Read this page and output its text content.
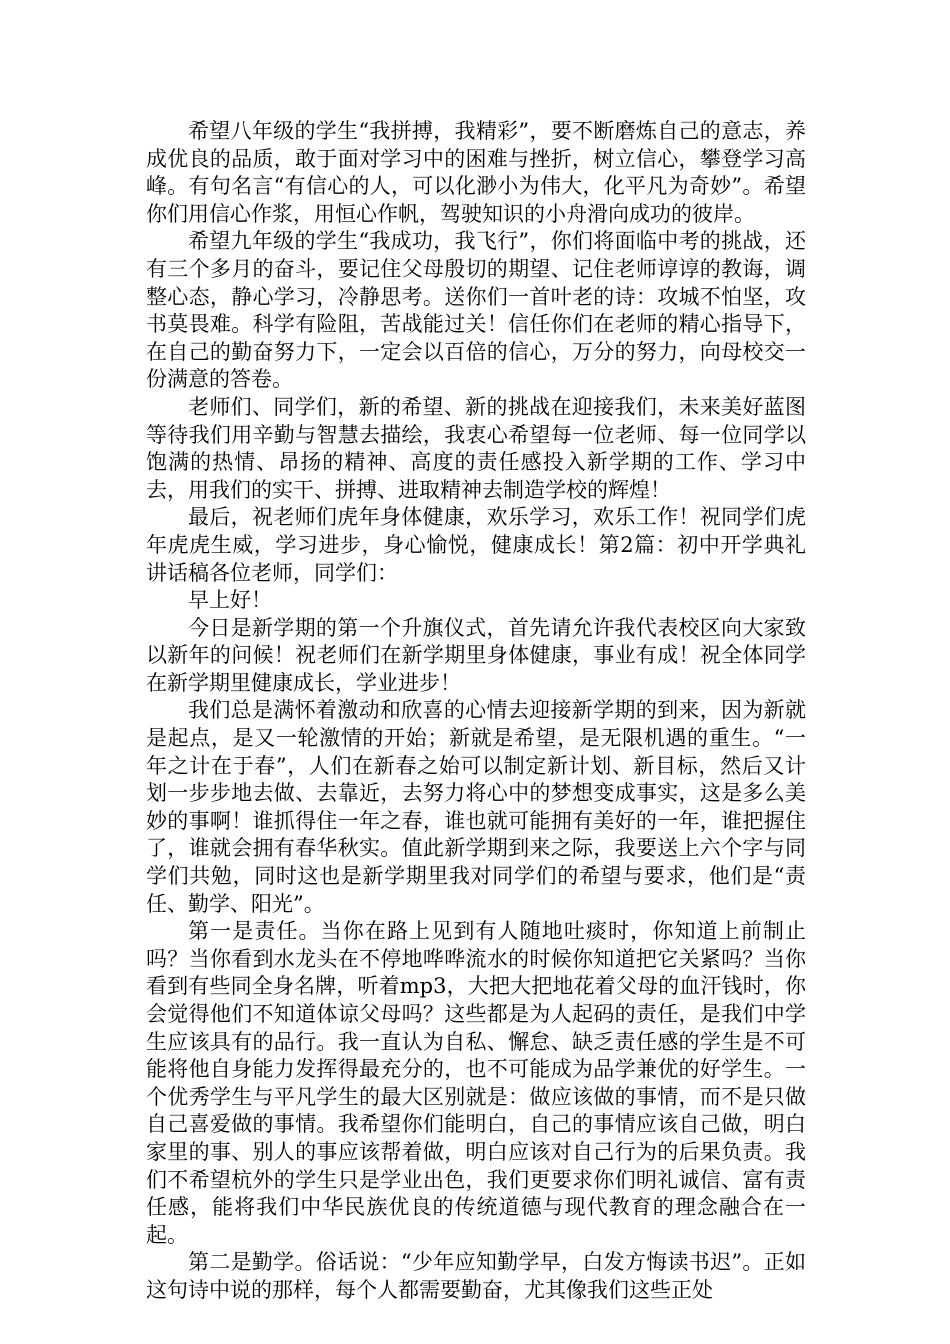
希望八年级的学生“我拼搏，我精彩”，要不断磨炼自己的意志，养成优良的品质，敢于面对学习中的困难与挫折，树立信心，攀登学习高峰。有句名言“有信心的人，可以化渺小为伟大，化平凡为奇妙”。希望你们用信心作浆，用恒心作帆，驾驶知识的小舟滑向成功的彼岸。

希望九年级的学生“我成功，我飞行”，你们将面临中考的挑战，还有三个多月的奋斗，要记住父母殷切的期望、记住老师谆谆的教诲，调整心态，静心学习，冷静思考。送你们一首叶老的诗：攻城不怕坚，攻书莫畏难。科学有险阻，苦战能过关！信任你们在老师的精心指导下，在自己的勤奋努力下，一定会以百倍的信心，万分的努力，向母校交一份满意的答卷。

老师们、同学们，新的希望、新的挑战在迎接我们，未来美好蓝图等待我们用辛勤与智慧去描绘，我衷心希望每一位老师、每一位同学以饱满的热情、昂扬的精神、高度的责任感投入新学期的工作、学习中去，用我们的实干、拼搏、进取精神去制造学校的辉煌！

最后，祝老师们虎年身体健康，欢乐学习，欢乐工作！祝同学们虎年虎虎生威，学习进步，身心愉悦，健康成长！第2篇：初中开学典礼讲话稿各位老师，同学们：

早上好！

今日是新学期的第一个升旗仪式，首先请允许我代表校区向大家致以新年的问候！祝老师们在新学期里身体健康，事业有成！祝全体同学在新学期里健康成长，学业进步！

我们总是满怀着激动和欣喜的心情去迎接新学期的到来，因为新就是起点，是又一轮激情的开始；新就是希望，是无限机遇的重生。“一年之计在于春”，人们在新春之始可以制定新计划、新目标，然后又计划一步步地去做、去靠近，去努力将心中的梦想变成事实，这是多么美妙的事啊！谁抓得住一年之春，谁也就可能拥有美好的一年，谁把握住了，谁就会拥有春华秋实。值此新学期到来之际，我要送上六个字与同学们共勉，同时这也是新学期里我对同学们的希望与要求，他们是“责任、勤学、阳光”。

第一是责任。当你在路上见到有人随地吐痰时，你知道上前制止吗？当你看到水龙头在不停地哗哗流水的时候你知道把它关紧吗？当你看到有些同全身名牌，听着mp3，大把大把地花着父母的血汗钱时，你会觉得他们不知道体谅父母吗？这些都是为人起码的责任，是我们中学生应该具有的品行。我一直认为自私、懈怠、缺乏责任感的学生是不可能将他自身能力发挥得最充分的，也不可能成为品学兼优的好学生。一个优秀学生与平凡学生的最大区别就是：做应该做的事情，而不是只做自己喜爱做的事情。我希望你们能明白，自己的事情应该自己做，明白家里的事、别人的事应该帮着做，明白应该对自己行为的后果负责。我们不希望杭外的学生只是学业出色，我们更要求你们明礼诚信、富有责任感，能将我们中华民族优良的传统道德与现代教育的理念融合在一起。

第二是勤学。俗话说：“少年应知勤学早，白发方悔读书迟”。正如这句诗中说的那样，每个人都需要勤奋，尤其像我们这些正处
